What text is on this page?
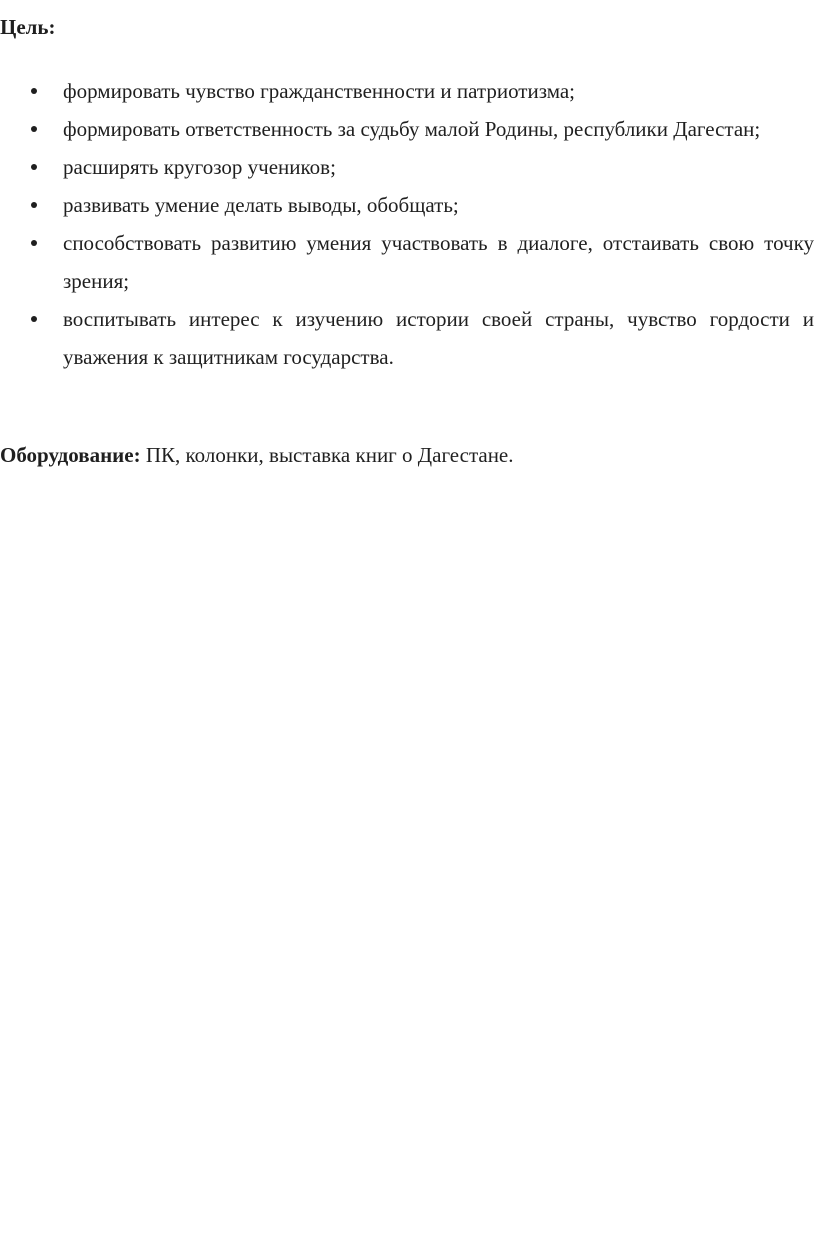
Цель:

формировать чувство гражданственности и патриотизма;
формировать ответственность за судьбу малой Родины, республики Дагестан;
расширять кругозор учеников;
развивать умение делать выводы, обобщать;
способствовать развитию умения участвовать в диалоге, отстаивать свою точку зрения;
воспитывать интерес к изучению истории своей страны, чувство гордости и уважения к защитникам государства.

Оборудование: ПК, колонки, выставка книг о Дагестане.
